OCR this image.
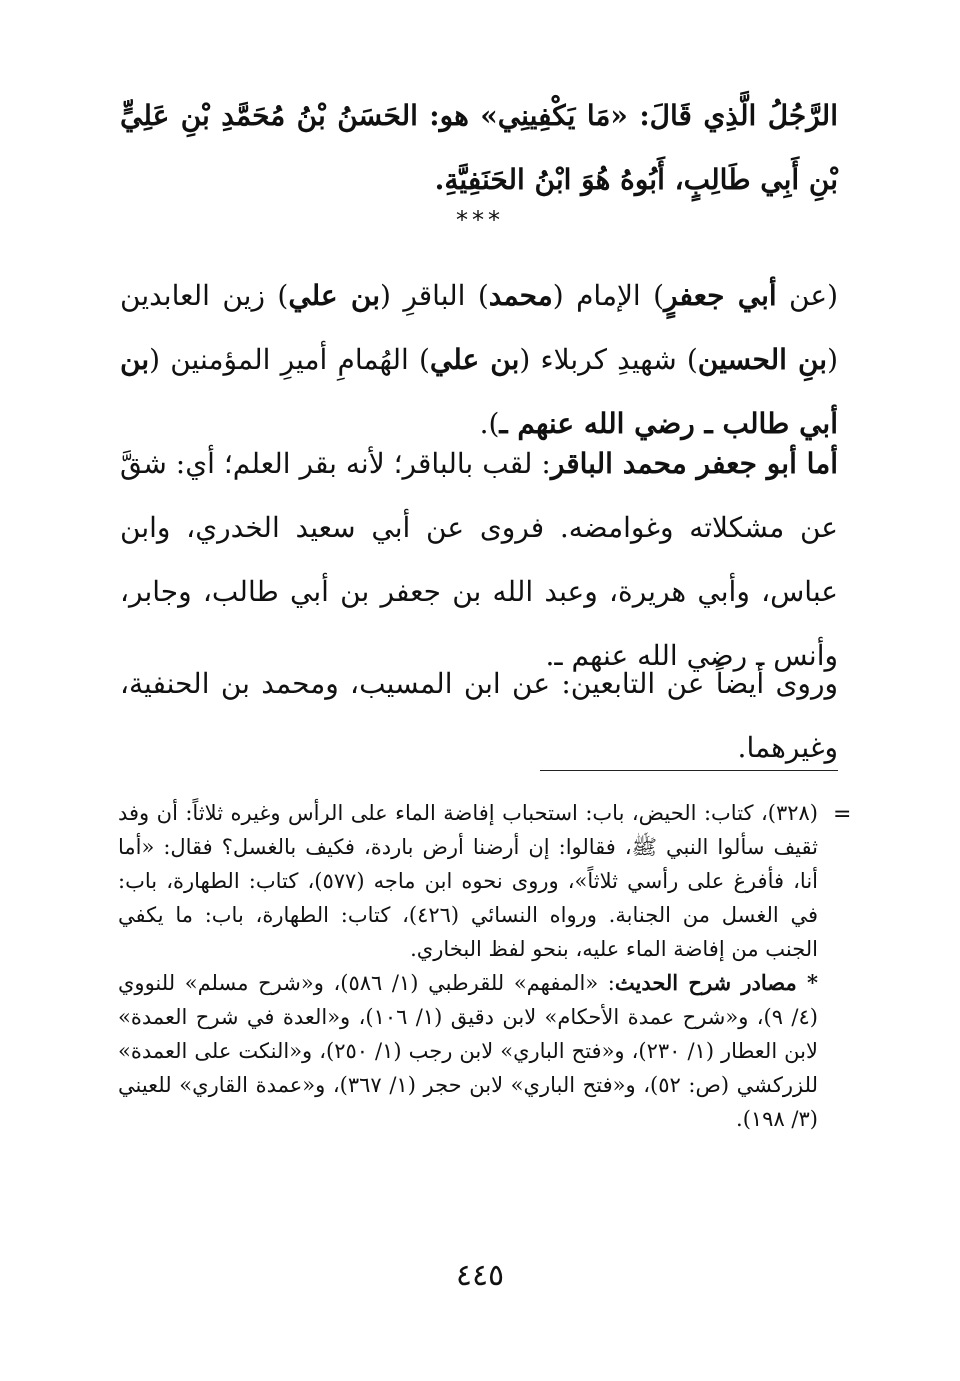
الرَّجُلُ الَّذِي قَالَ: «مَا يَكْفِينِي» هو: الحَسَنُ بْنُ مُحَمَّدِ بْنِ عَلِيٍّ بْنِ أَبِي طَالِبٍ، أَبُوهُ هُوَ ابْنُ الحَنَفِيَّةِ.

***

(عن أبي جعفرٍ) الإمام (محمد) الباقرِ (بن علي) زين العابدين (بنِ الحسين) شهيدِ كربلاء (بن علي) الهُمامِ أميرِ المؤمنين (بن أبي طالب ـ رضي الله عنهم ـ).

أما أبو جعفر محمد الباقر: لقب بالباقر؛ لأنه بقر العلم؛ أي: شقَّ عن مشكلاته وغوامضه. فروى عن أبي سعيد الخدري، وابن عباس، وأبي هريرة، وعبد الله بن جعفر بن أبي طالب، وجابر، وأنس ـ رضي الله عنهم ـ.

وروى أيضاً عن التابعين: عن ابن المسيب، ومحمد بن الحنفية، وغيرهما.

=

(٣٢٨)، كتاب: الحيض، باب: استحباب إفاضة الماء على الرأس وغيره ثلاثاً: أن وفد ثقيف سألوا النبي ﷺ، فقالوا: إن أرضنا أرض باردة، فكيف بالغسل؟ فقال: «أما أنا، فأفرغ على رأسي ثلاثاً»، وروى نحوه ابن ماجه (٥٧٧)، كتاب: الطهارة، باب: في الغسل من الجنابة. ورواه النسائي (٤٢٦)، كتاب: الطهارة، باب: ما يكفي الجنب من إفاضة الماء عليه، بنحو لفظ البخاري.

* مصادر شرح الحديث: «المفهم» للقرطبي (١/ ٥٨٦)، و«شرح مسلم» للنووي (٤/ ٩)، و«شرح عمدة الأحكام» لابن دقيق (١/ ١٠٦)، و«العدة في شرح العمدة» لابن العطار (١/ ٢٣٠)، و«فتح الباري» لابن رجب (١/ ٢٥٠)، و«النكت على العمدة» للزركشي (ص: ٥٢)، و«فتح الباري» لابن حجر (١/ ٣٦٧)، و«عمدة القاري» للعيني (٣/ ١٩٨).

٤٤٥
